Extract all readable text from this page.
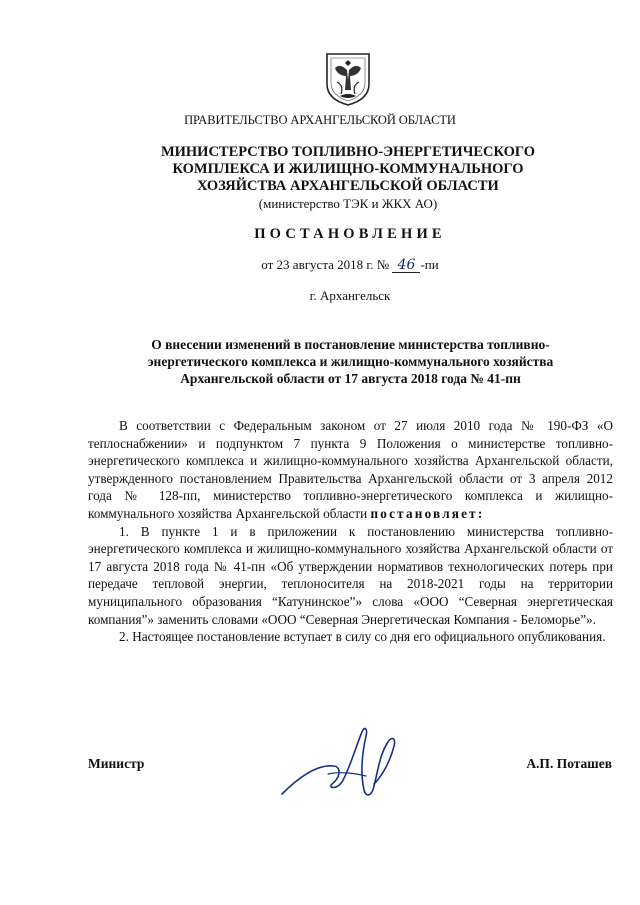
ПРАВИТЕЛЬСТВО АРХАНГЕЛЬСКОЙ ОБЛАСТИ
МИНИСТЕРСТВО ТОПЛИВНО-ЭНЕРГЕТИЧЕСКОГО
КОМПЛЕКСА И ЖИЛИЩНО-КОММУНАЛЬНОГО
ХОЗЯЙСТВА АРХАНГЕЛЬСКОЙ ОБЛАСТИ
(министерство ТЭК и ЖКХ АО)
ПОСТАНОВЛЕНИЕ
от 23 августа 2018 г. № 46 -пи
г. Архангельск
О внесении изменений в постановление министерства топливно-
энергетического комплекса и жилищно-коммунального хозяйства
Архангельской области от 17 августа 2018 года № 41-пн

В соответствии с Федеральным законом от 27 июля 2010 года № 190-ФЗ «О теплоснабжении» и подпунктом 7 пункта 9 Положения о министерстве топливно-энергетического комплекса и жилищно-коммунального хозяйства Архангельской области, утвержденного постановлением Правительства Архангельской области от 3 апреля 2012 года № 128-пп, министерство топливно-энергетического комплекса и жилищно-коммунального хозяйства Архангельской области постановляет:

1. В пункте 1 и в приложении к постановлению министерства топливно-энергетического комплекса и жилищно-коммунального хозяйства Архангельской области от 17 августа 2018 года № 41-пн «Об утверждении нормативов технологических потерь при передаче тепловой энергии, теплоносителя на 2018-2021 годы на территории муниципального образования “Катунинское”» слова «ООО “Северная энергетическая компания”» заменить словами «ООО “Северная Энергетическая Компания - Беломорье”».

2. Настоящее постановление вступает в силу со дня его официального опубликования.

Министр	А.П. Поташев
